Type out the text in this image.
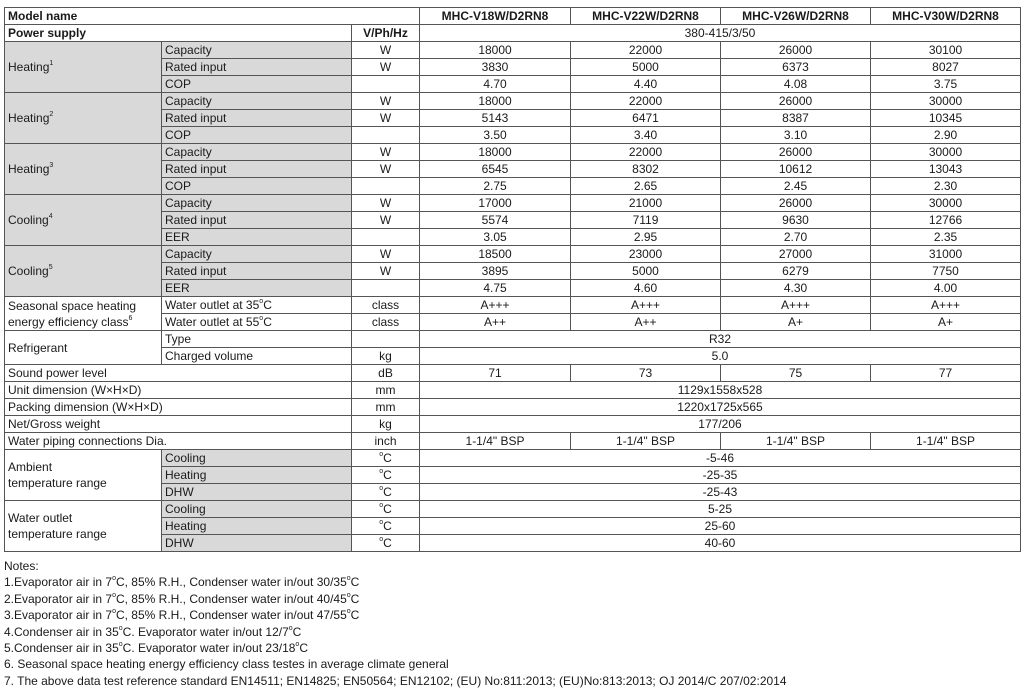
Model name			MHC-V18W/D2RN8	MHC-V22W/D2RN8	MHC-V26W/D2RN8	MHC-V30W/D2RN8
Power supply		V/Ph/Hz	380-415/3/50			
Heating$^1$	Capacity	W	18000	22000	26000	30100
	Rated input	W	3830	5000	6373	8027
	COP		4.70	4.40	4.08	3.75
Heating$^2$	Capacity	W	18000	22000	26000	30000
	Rated input	W	5143	6471	8387	10345
	COP		3.50	3.40	3.10	2.90
Heating$^3$	Capacity	W	18000	22000	26000	30000
	Rated input	W	6545	8302	10612	13043
	COP		2.75	2.65	2.45	2.30
Cooling$^4$	Capacity	W	17000	21000	26000	30000
	Rated input	W	5574	7119	9630	12766
	EER		3.05	2.95	2.70	2.35
Cooling$^5$	Capacity	W	18500	23000	27000	31000
	Rated input	W	3895	5000	6279	7750
	EER		4.75	4.60	4.30	4.00
Seasonal space heating
energy efficiency class$^6$	Water outlet at 35$^o$C	class	A+++	A+++	A+++	A+++
	Water outlet at 55$^o$C	class	A++	A++	A+	A+
Refrigerant	Type		R32			
	Charged volume	kg	5.0			
Sound power level		dB	71	73	75	77
Unit dimension (W×H×D)		mm	1129x1558x528			
Packing dimension (W×H×D)		mm	1220x1725x565			
Net/Gross weight		kg	177/206			
Water piping connections Dia.		inch	1-1/4" BSP	1-1/4" BSP	1-1/4" BSP	1-1/4" BSP
Ambient
temperature range	Cooling	$^o$C	-5-46			
	Heating	$^o$C	-25-35			
	DHW	$^o$C	-25-43			
Water outlet
temperature range	Cooling	$^o$C	5-25			
	Heating	$^o$C	25-60			
	DHW	$^o$C	40-60			
Notes:
1.Evaporator air in 7$^o$C, 85% R.H., Condenser water in/out 30/35$^o$C
2.Evaporator air in 7$^o$C, 85% R.H., Condenser water in/out 40/45$^o$C
3.Evaporator air in 7$^o$C, 85% R.H., Condenser water in/out 47/55$^o$C
4.Condenser air in 35$^o$C. Evaporator water in/out 12/7$^o$C
5.Condenser air in 35$^o$C. Evaporator water in/out 23/18$^o$C
6. Seasonal space heating energy efficiency class testes in average climate general
7. The above data test reference standard EN14511; EN14825; EN50564; EN12102; (EU) No:811:2013; (EU)No:813:2013; OJ 2014/C 207/02:2014
